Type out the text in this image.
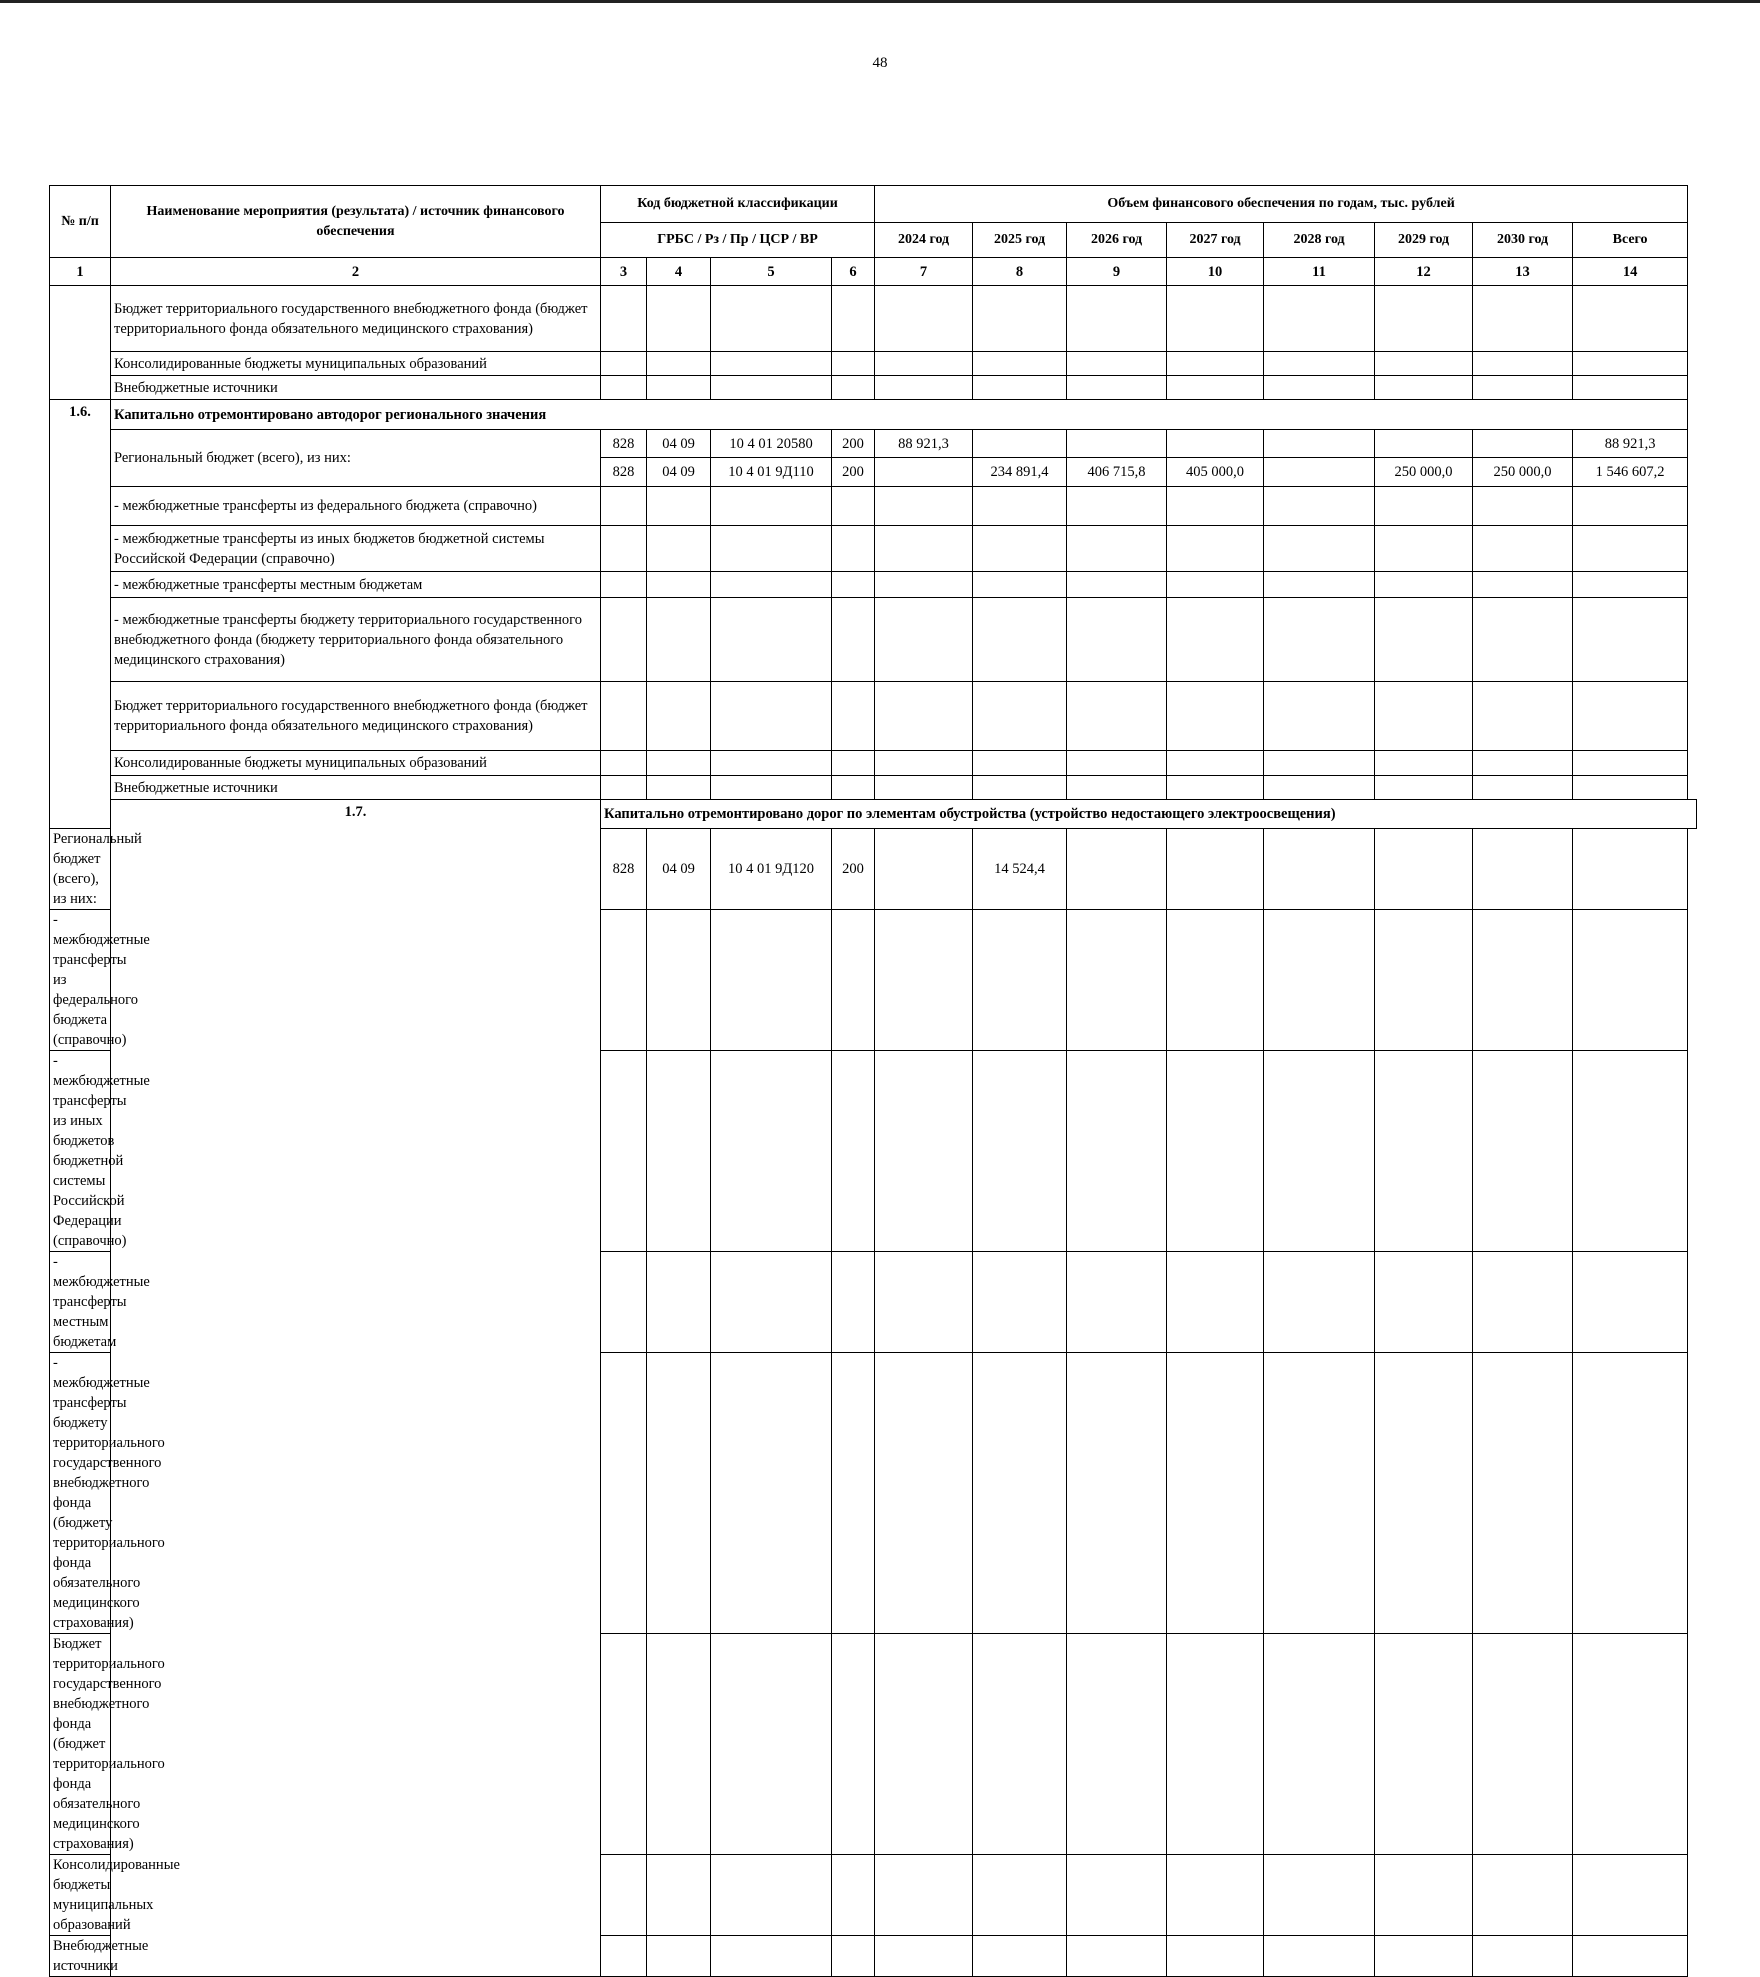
48
№ п/п	Наименование мероприятия (результата) / источник финансового обеспечения	Код бюджетной классификации				Объем финансового обеспечения по годам, тыс. рублей							
		ГРБС / Рз / Пр / ЦСР / ВР				2024 год	2025 год	2026 год	2027 год	2028 год	2029 год	2030 год	Всего
1	2	3	4	5	6	7	8	9	10	11	12	13	14
	Бюджет территориального государственного внебюджетного фонда (бюджет территориального фонда обязательного медицинского страхования)												
	Консолидированные бюджеты муниципальных образований												
	Внебюджетные источники												
1.6.	Капитально отремонтировано автодорог регионального значения												
	Региональный бюджет (всего), из них:	828	04 09	10 4 01 20580	200	88 921,3							88 921,3
		828	04 09	10 4 01 9Д110	200		234 891,4	406 715,8	405 000,0		250 000,0	250 000,0	1 546 607,2
	- межбюджетные трансферты из федерального бюджета (справочно)												
	- межбюджетные трансферты из иных бюджетов бюджетной системы Российской Федерации (справочно)												
	- межбюджетные трансферты местным бюджетам												
	- межбюджетные трансферты бюджету территориального государственного внебюджетного фонда (бюджету территориального фонда обязательного медицинского страхования)												
	Бюджет территориального государственного внебюджетного фонда (бюджет территориального фонда обязательного медицинского страхования)												
	Консолидированные бюджеты муниципальных образований												
	Внебюджетные источники												
	1.7.	Капитально отремонтировано дорог по элементам обустройства (устройство недостающего электроосвещения)											
Региональный бюджет (всего), из них:		828	04 09	10 4 01 9Д120	200		14 524,4						
- межбюджетные трансферты из федерального бюджета (справочно)													
- межбюджетные трансферты из иных бюджетов бюджетной системы Российской Федерации (справочно)													
- межбюджетные трансферты местным бюджетам													
- межбюджетные трансферты бюджету территориального государственного внебюджетного фонда (бюджету территориального фонда обязательного медицинского страхования)													
Бюджет территориального государственного внебюджетного фонда (бюджет территориального фонда обязательного медицинского страхования)													
Консолидированные бюджеты муниципальных образований													
Внебюджетные источники													
